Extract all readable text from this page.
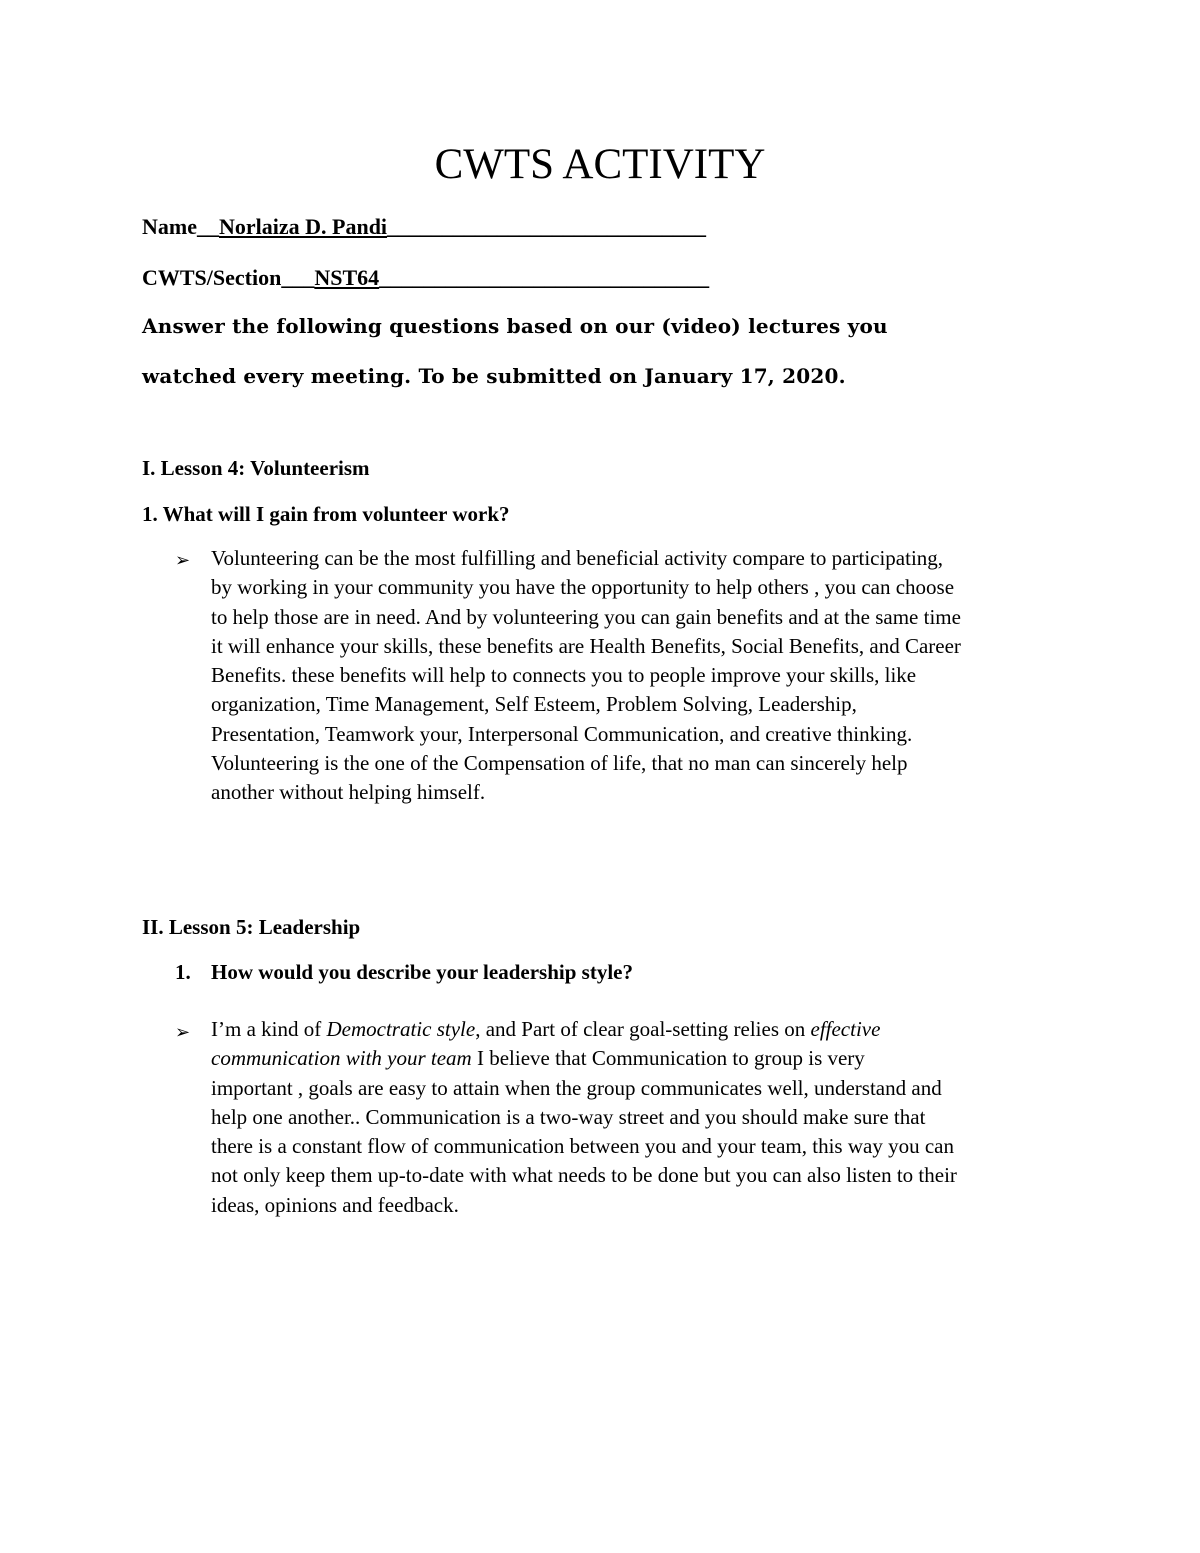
CWTS ACTIVITY
Name__Norlaiza D. Pandi_____________________________
CWTS/Section___NST64______________________________
Answer the following questions based on our (video) lectures you
watched every meeting. To be submitted on January 17, 2020.
I. Lesson 4: Volunteerism
1. What will I gain from volunteer work?
➢ Volunteering can be the most fulfilling and beneficial activity compare to participating,
by working in your community you have the opportunity to help others , you can choose
to help those are in need. And by volunteering you can gain benefits and at the same time
it will enhance your skills, these benefits are Health Benefits, Social Benefits, and Career
Benefits. these benefits will help to connects you to people improve your skills, like
organization, Time Management, Self Esteem, Problem Solving, Leadership,
Presentation, Teamwork your, Interpersonal Communication, and creative thinking.
Volunteering is the one of the Compensation of life, that no man can sincerely help
another without helping himself.
II. Lesson 5: Leadership
1. How would you describe your leadership style?
➢ I’m a kind of Democtratic style, and Part of clear goal-setting relies on effective
communication with your team I believe that Communication to group is very
important , goals are easy to attain when the group communicates well, understand and
help one another.. Communication is a two-way street and you should make sure that
there is a constant flow of communication between you and your team, this way you can
not only keep them up-to-date with what needs to be done but you can also listen to their
ideas, opinions and feedback.
